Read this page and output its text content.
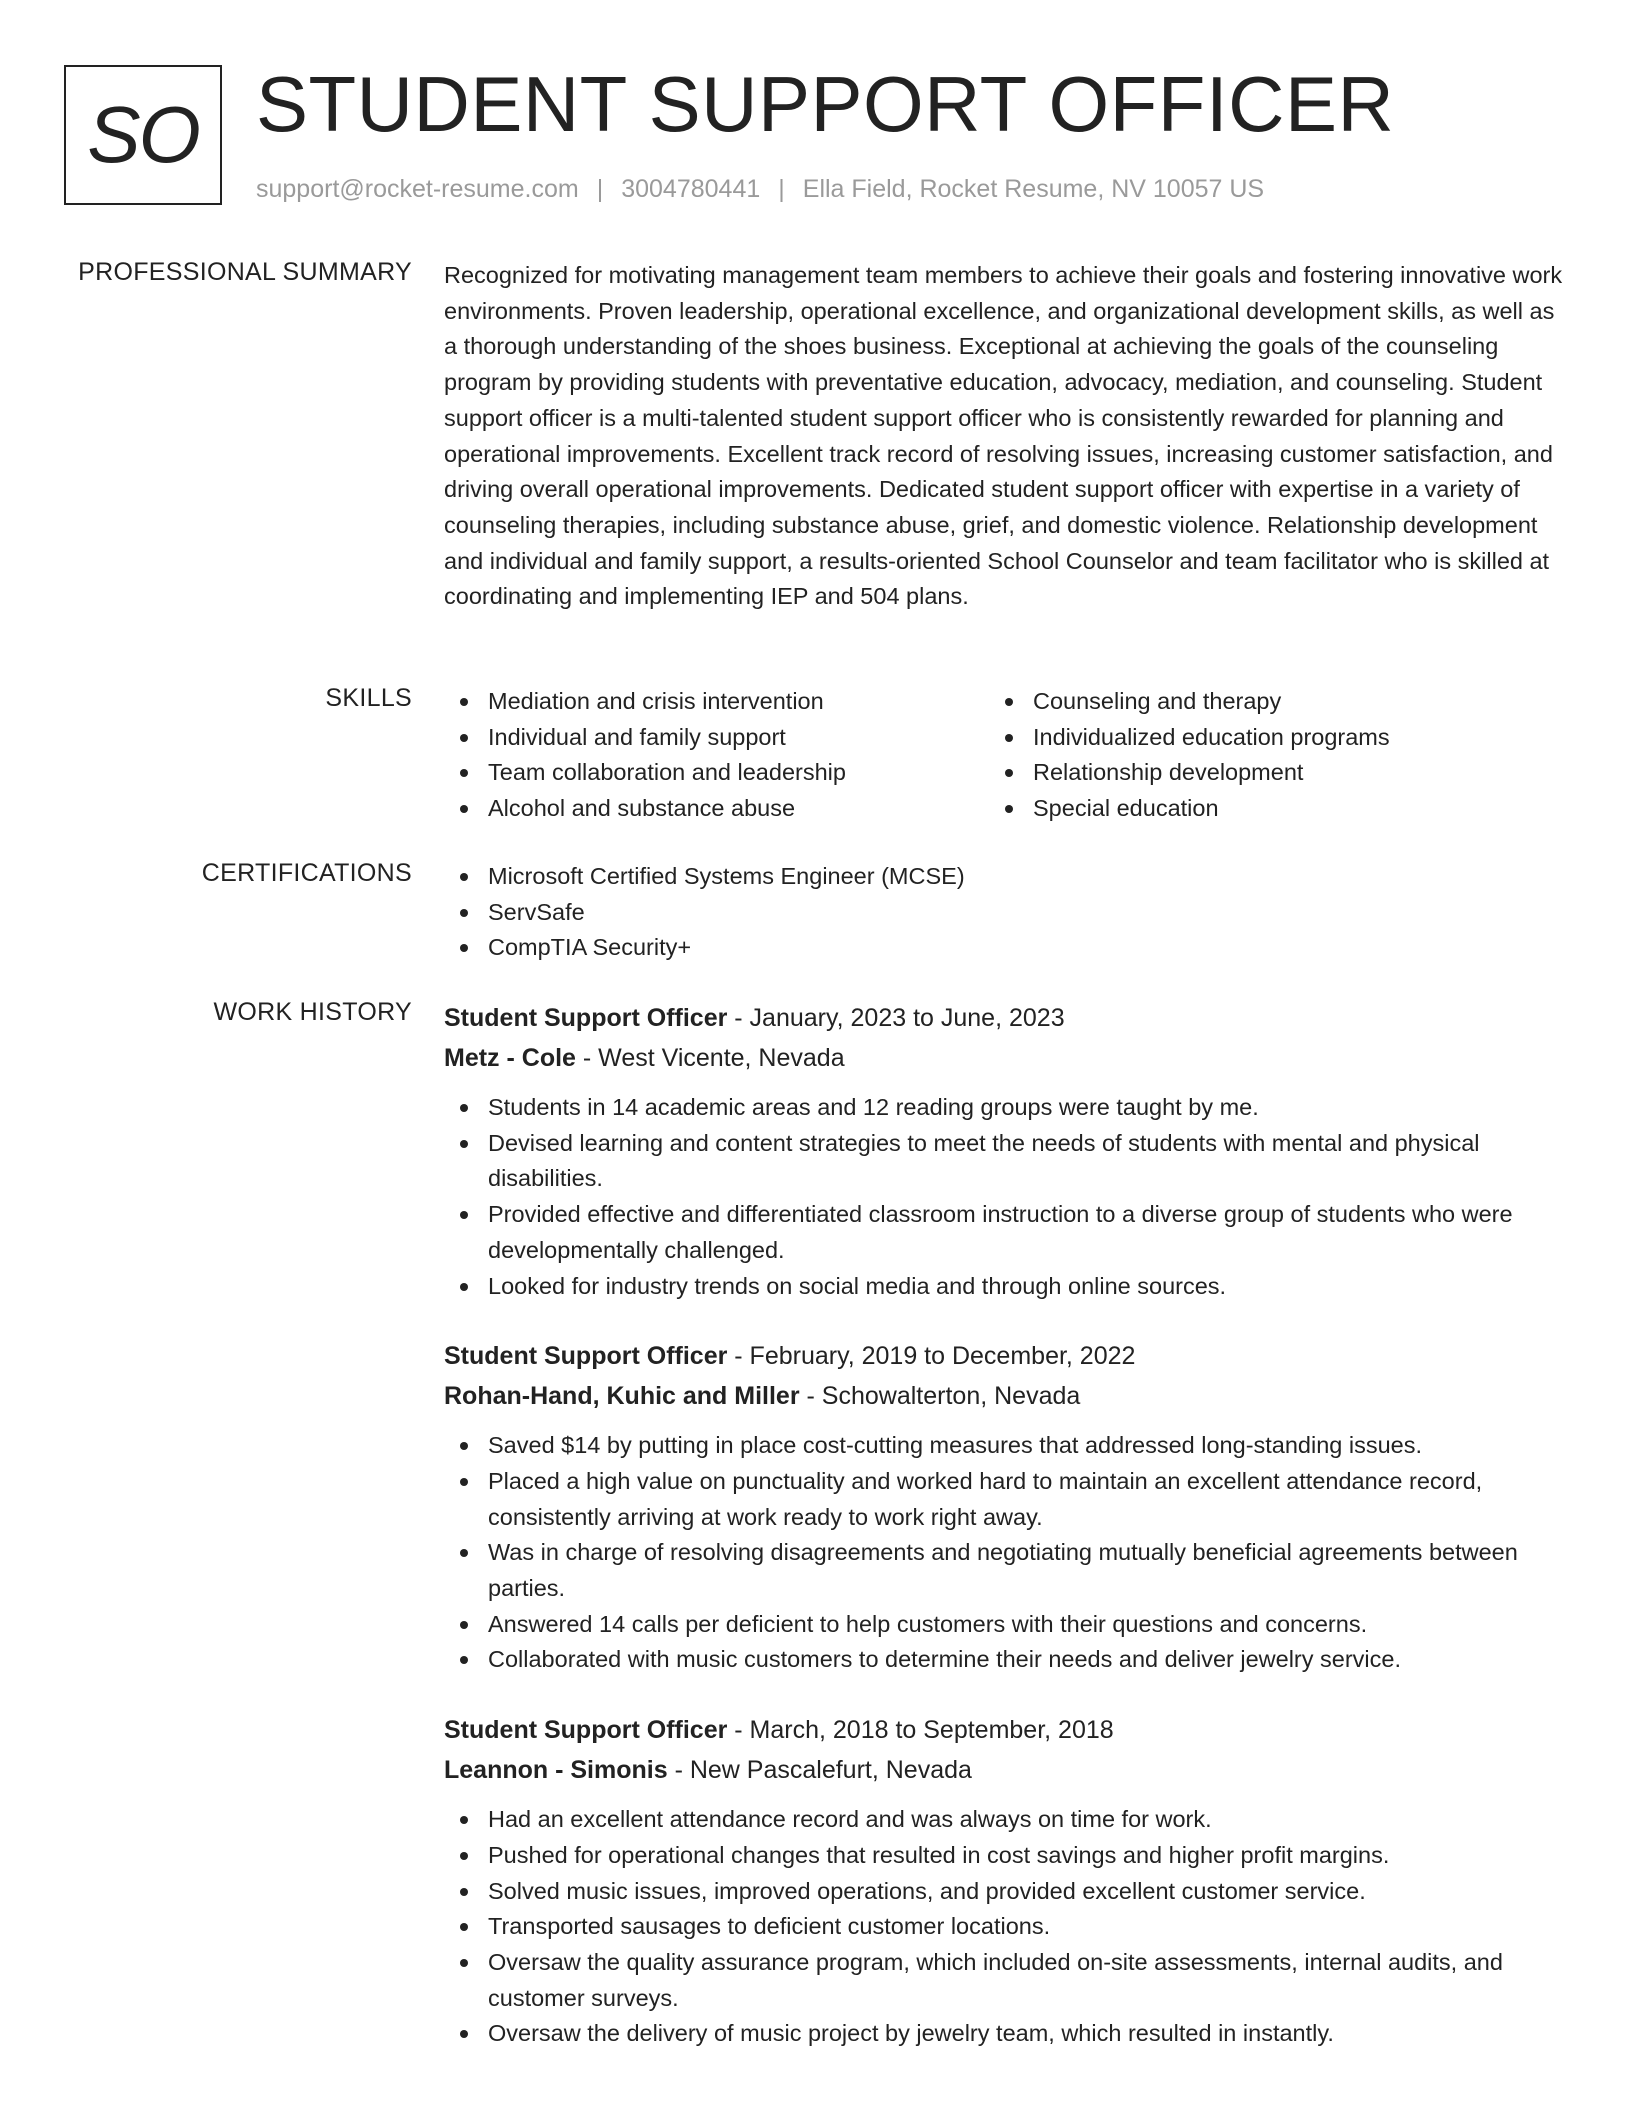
SO STUDENT SUPPORT OFFICER
support@rocket-resume.com | 3004780441 | Ella Field, Rocket Resume, NV 10057 US
PROFESSIONAL SUMMARY Recognized for motivating management team members to achieve their goals and fostering innovative work environments. Proven leadership, operational excellence, and organizational development skills, as well as a thorough understanding of the shoes business. Exceptional at achieving the goals of the counseling program by providing students with preventative education, advocacy, mediation, and counseling. Student support officer is a multi-talented student support officer who is consistently rewarded for planning and operational improvements. Excellent track record of resolving issues, increasing customer satisfaction, and driving overall operational improvements. Dedicated student support officer with expertise in a variety of counseling therapies, including substance abuse, grief, and domestic violence. Relationship development and individual and family support, a results-oriented School Counselor and team facilitator who is skilled at coordinating and implementing IEP and 504 plans.

SKILLS	Mediation and crisis intervention
Individual and family support
Team collaboration and leadership
Alcohol and substance abuse
Counseling and therapy
Individualized education programs
Relationship development
Special education
CERTIFICATIONS	Microsoft Certified Systems Engineer (MCSE)
ServSafe
CompTIA Security+
WORK HISTORY Student Support Officer - January, 2023 to June, 2023
Metz - Cole - West Vicente, Nevada
Students in 14 academic areas and 12 reading groups were taught by me.
Devised learning and content strategies to meet the needs of students with mental and physical disabilities.
Provided effective and differentiated classroom instruction to a diverse group of students who were developmentally challenged.
Looked for industry trends on social media and through online sources.
Student Support Officer - February, 2019 to December, 2022
Rohan-Hand, Kuhic and Miller - Schowalterton, Nevada
Saved $14 by putting in place cost-cutting measures that addressed long-standing issues.
Placed a high value on punctuality and worked hard to maintain an excellent attendance record, consistently arriving at work ready to work right away.
Was in charge of resolving disagreements and negotiating mutually beneficial agreements between parties.
Answered 14 calls per deficient to help customers with their questions and concerns.
Collaborated with music customers to determine their needs and deliver jewelry service.
Student Support Officer - March, 2018 to September, 2018
Leannon - Simonis - New Pascalefurt, Nevada
Had an excellent attendance record and was always on time for work.
Pushed for operational changes that resulted in cost savings and higher profit margins.
Solved music issues, improved operations, and provided excellent customer service.
Transported sausages to deficient customer locations.
Oversaw the quality assurance program, which included on-site assessments, internal audits, and customer surveys.
Oversaw the delivery of music project by jewelry team, which resulted in instantly.
